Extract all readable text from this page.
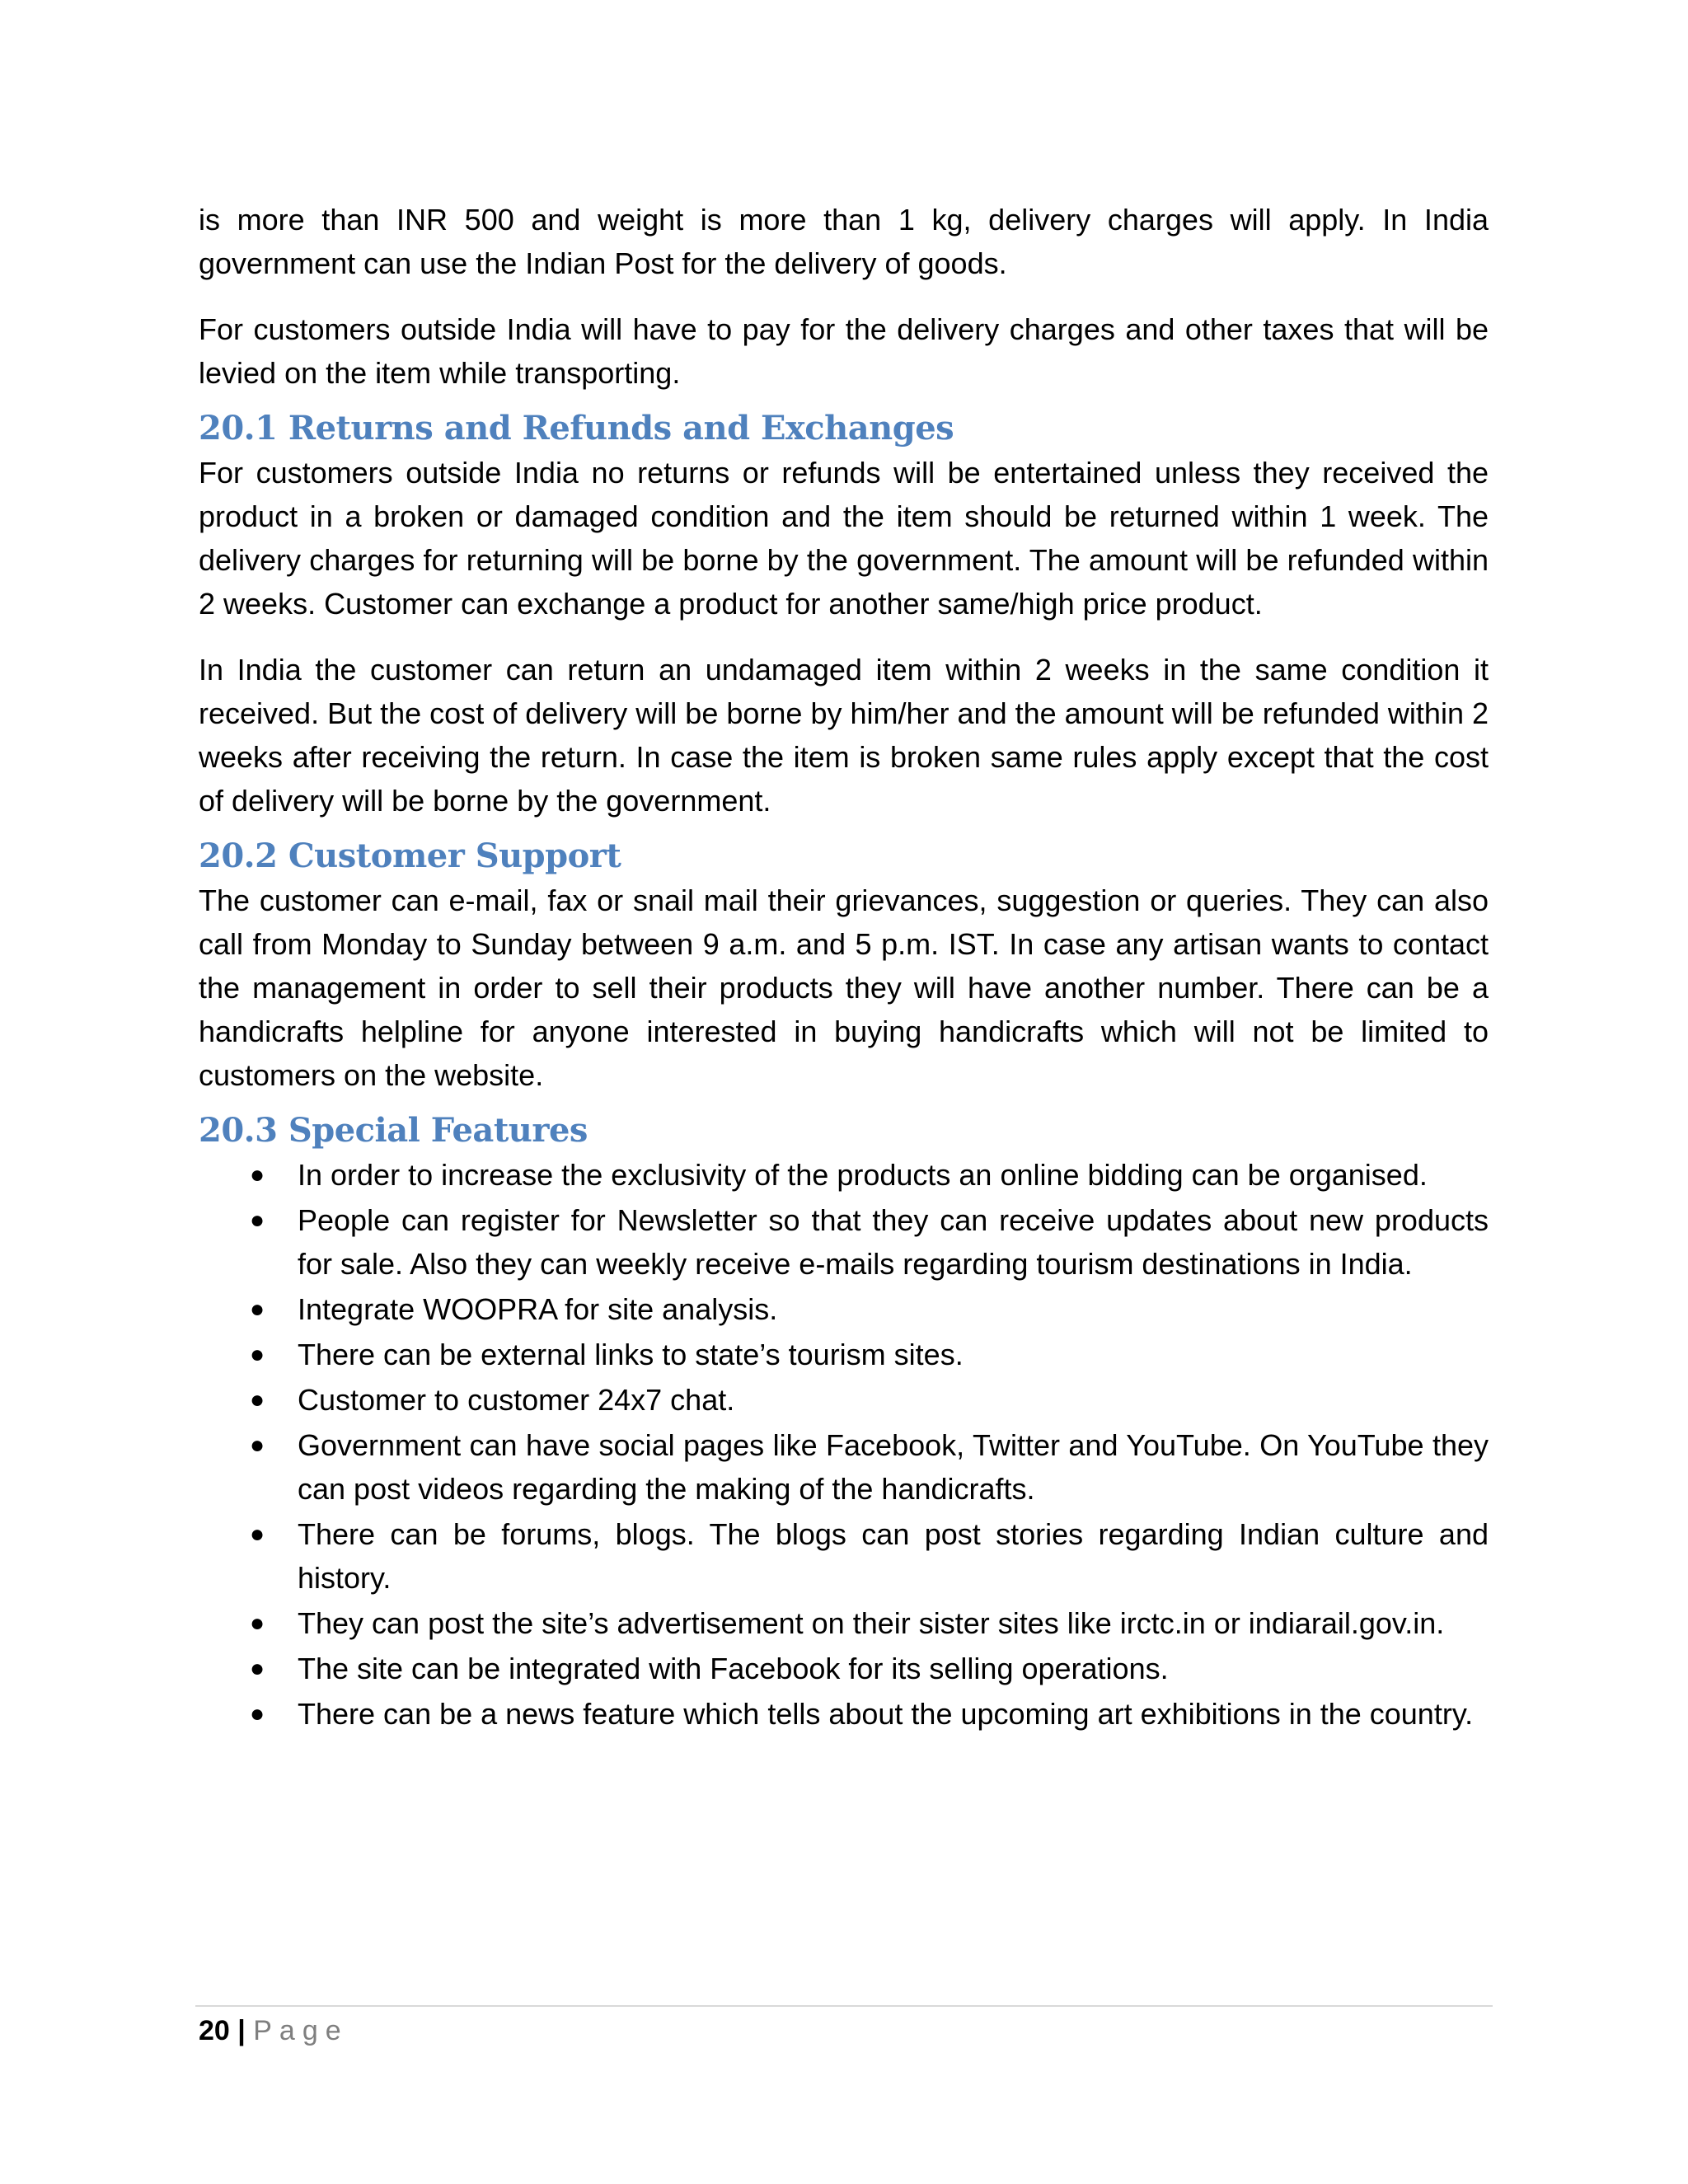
is more than INR 500 and weight is more than 1 kg, delivery charges will apply. In India government can use the Indian Post for the delivery of goods.

For customers outside India will have to pay for the delivery charges and other taxes that will be levied on the item while transporting.

20.1 Returns and Refunds and Exchanges

For customers outside India no returns or refunds will be entertained unless they received the product in a broken or damaged condition and the item should be returned within 1 week. The delivery charges for returning will be borne by the government. The amount will be refunded within 2 weeks. Customer can exchange a product for another same/high price product.

In India the customer can return an undamaged item within 2 weeks in the same condition it received. But the cost of delivery will be borne by him/her and the amount will be refunded within 2 weeks after receiving the return. In case the item is broken same rules apply except that the cost of delivery will be borne by the government.

20.2 Customer Support

The customer can e-mail, fax or snail mail their grievances, suggestion or queries. They can also call from Monday to Sunday between 9 a.m. and 5 p.m. IST. In case any artisan wants to contact the management in order to sell their products they will have another number. There can be a handicrafts helpline for anyone interested in buying handicrafts which will not be limited to customers on the website.

20.3 Special Features
● In order to increase the exclusivity of the products an online bidding can be organised.
● People can register for Newsletter so that they can receive updates about new products for sale. Also they can weekly receive e-mails regarding tourism destinations in India.
● Integrate WOOPRA for site analysis.
● There can be external links to state’s tourism sites.
● Customer to customer 24x7 chat.
● Government can have social pages like Facebook, Twitter and YouTube. On YouTube they can post videos regarding the making of the handicrafts.
● There can be forums, blogs. The blogs can post stories regarding Indian culture and history.
● They can post the site’s advertisement on their sister sites like irctc.in or indiarail.gov.in.
● The site can be integrated with Facebook for its selling operations.
● There can be a news feature which tells about the upcoming art exhibitions in the country.
20 | Page
